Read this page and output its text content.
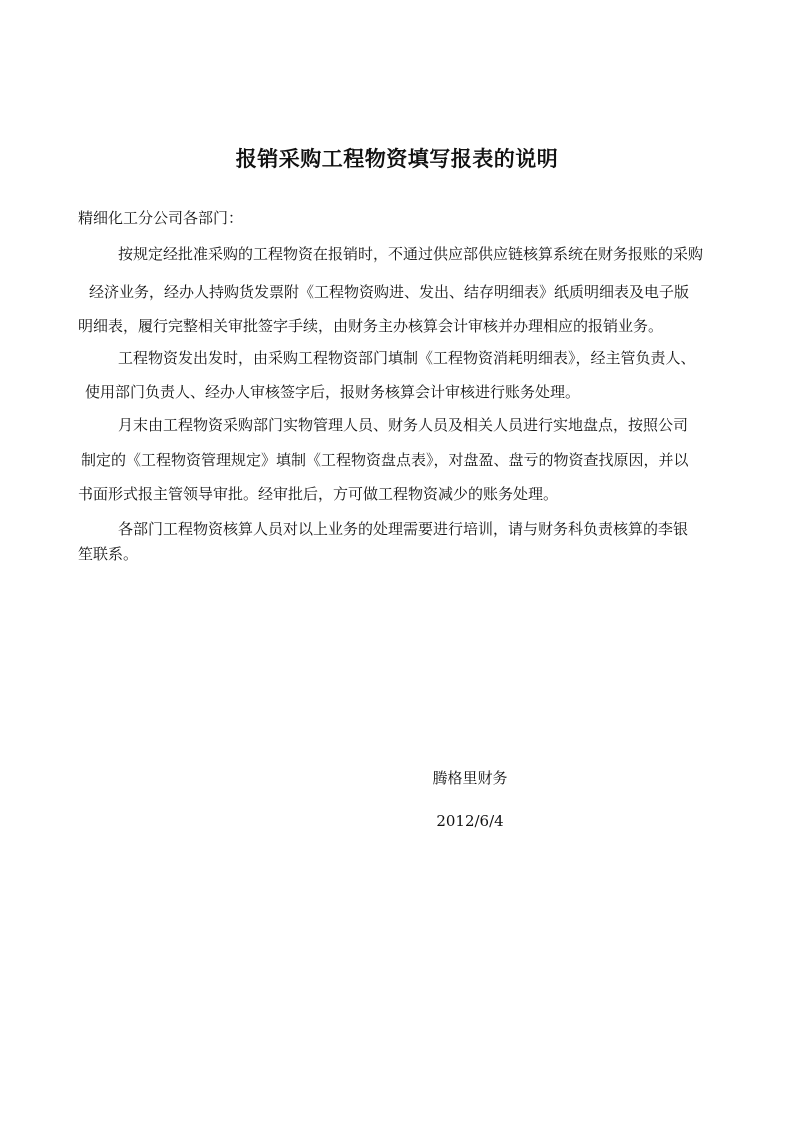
报销采购工程物资填写报表的说明

精细化工分公司各部门：

按规定经批准采购的工程物资在报销时，不通过供应部供应链核算系统在财务报账的采购

经济业务，经办人持购货发票附《工程物资购进、发出、结存明细表》纸质明细表及电子版

明细表，履行完整相关审批签字手续，由财务主办核算会计审核并办理相应的报销业务。

工程物资发出发时，由采购工程物资部门填制《工程物资消耗明细表》，经主管负责人、

使用部门负责人、经办人审核签字后，报财务核算会计审核进行账务处理。

月末由工程物资采购部门实物管理人员、财务人员及相关人员进行实地盘点，按照公司

制定的《工程物资管理规定》填制《工程物资盘点表》，对盘盈、盘亏的物资查找原因，并以

书面形式报主管领导审批。经审批后，方可做工程物资减少的账务处理。

各部门工程物资核算人员对以上业务的处理需要进行培训，请与财务科负责核算的李银

笙联系。

腾格里财务
2012/6/4
